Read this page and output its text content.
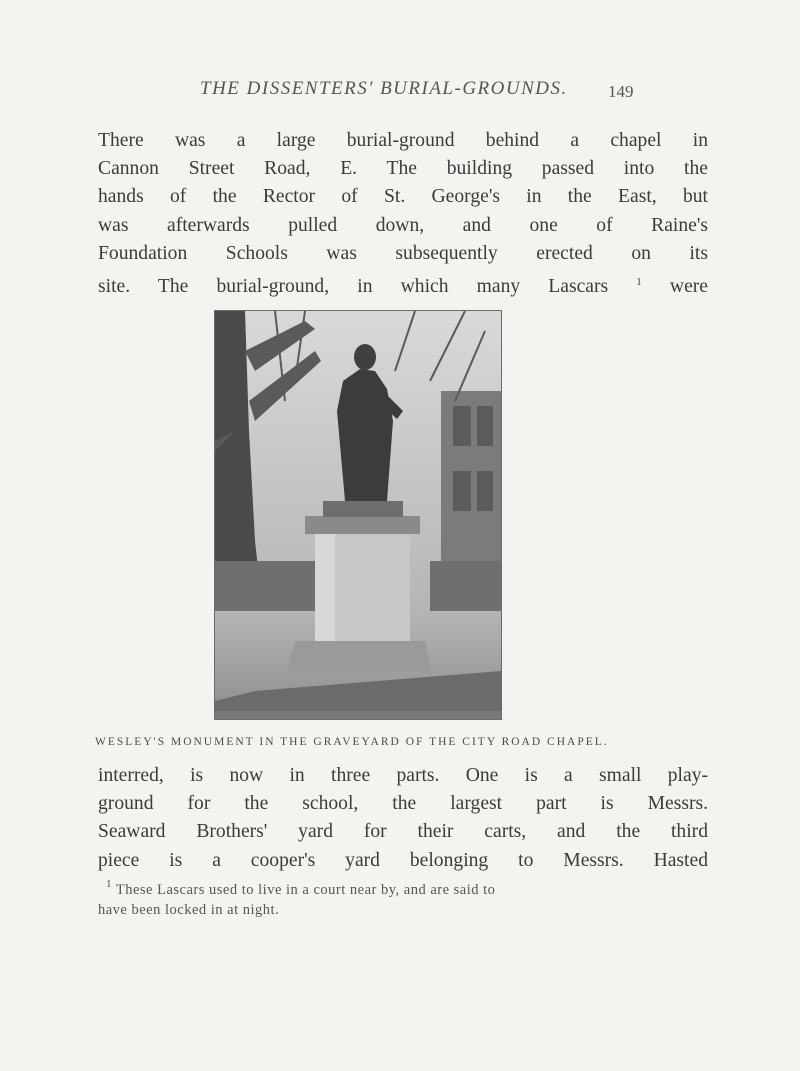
THE DISSENTERS' BURIAL-GROUNDS. 149
There was a large burial-ground behind a chapel in
Cannon Street Road, E. The building passed into the
hands of the Rector of St. George's in the East, but
was afterwards pulled down, and one of Raine's
Foundation Schools was subsequently erected on its
site. The burial-ground, in which many Lascars	$^1$ were
WESLEY'S MONUMENT IN THE GRAVEYARD OF THE CITY ROAD CHAPEL.
interred, is now in three parts. One is a small play-
ground for the school, the largest part is Messrs.
Seaward Brothers' yard for their carts, and the third
piece is a cooper's yard belonging to Messrs. Hasted
$^1$ These Lascars used to live in a court near by, and are said to
have been locked in at night.
